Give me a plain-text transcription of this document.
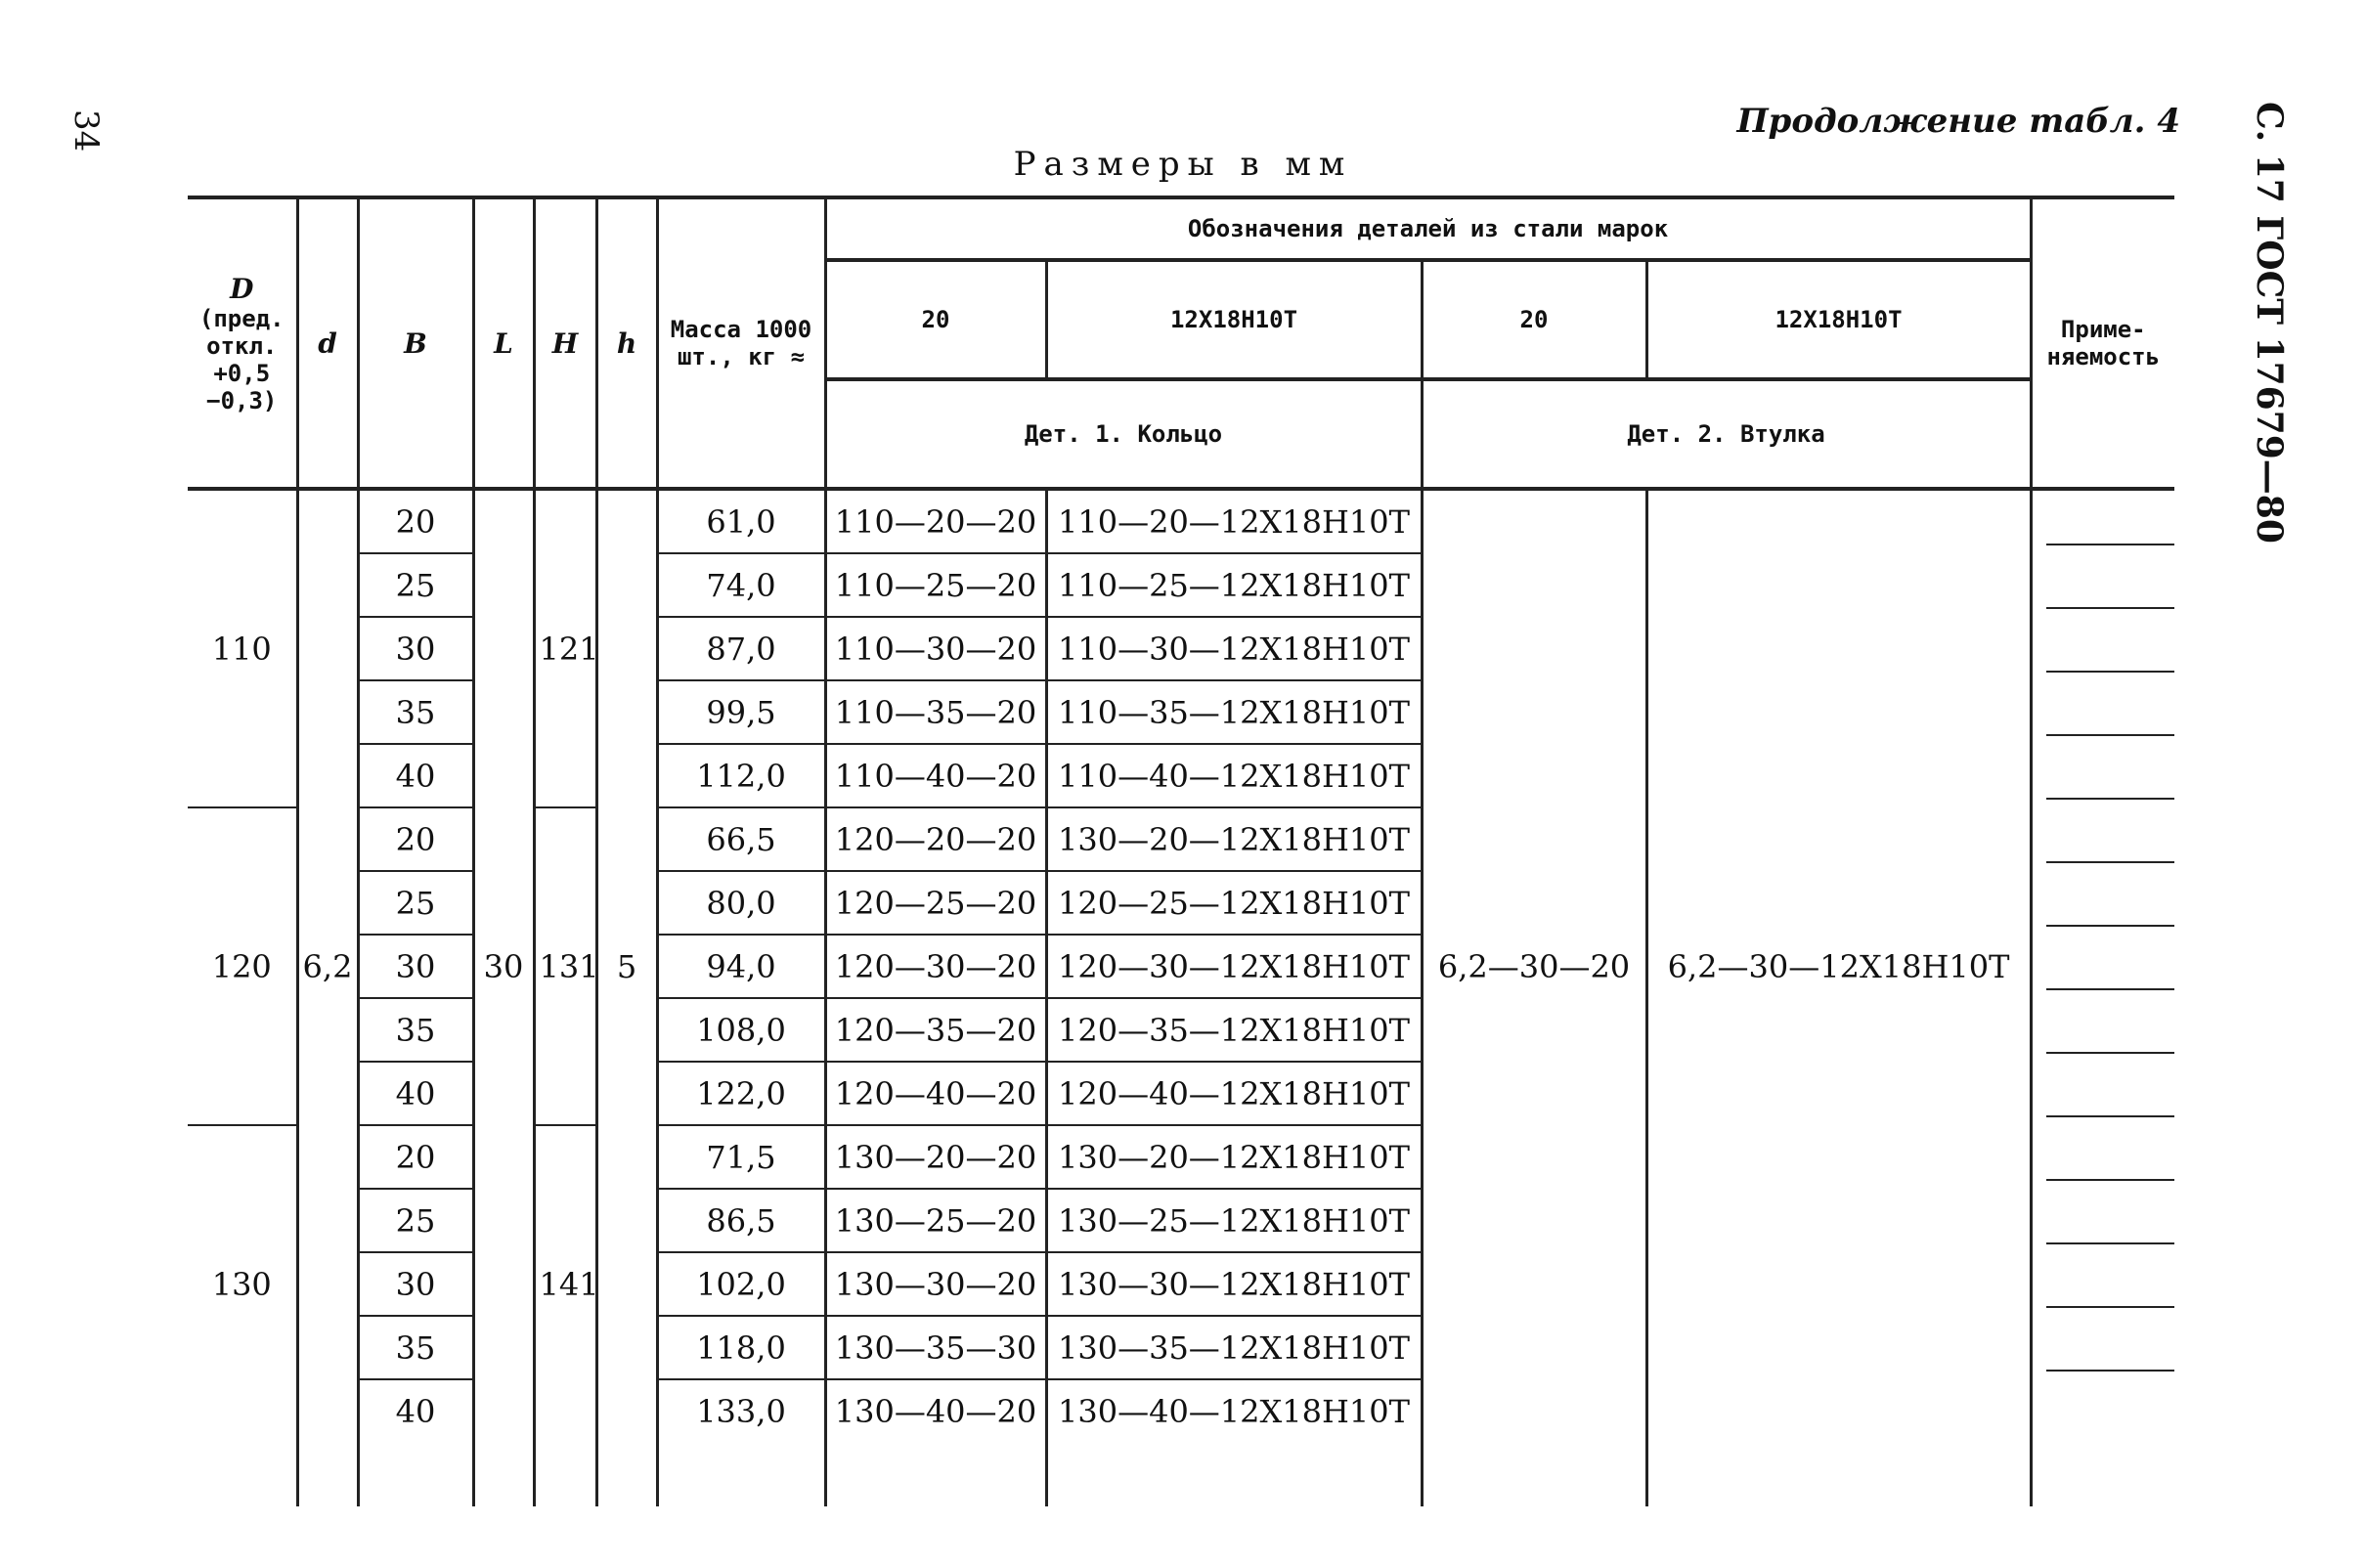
34	Продолжение табл. 4 С. 17 ГОСТ 17679—80
Размеры в мм
D
(пред. откл. +0,5 −0,3)	d	B	L	H	h	Масса 1000 шт., кг ≈	Обозначения деталей из стали марок				Приме-няемость
							20	12Х18Н10Т	20	12Х18Н10Т	
							Дет. 1. Кольцо		Дет. 2. Втулка		
110	6,2	20	30	121	5	61,0	110—20—20	110—20—12Х18Н10Т	6,2—30—20	6,2—30—12Х18Н10Т	
		25				74,0	110—25—20	110—25—12Х18Н10Т			
		30				87,0	110—30—20	110—30—12Х18Н10Т			
		35				99,5	110—35—20	110—35—12Х18Н10Т			
		40				112,0	110—40—20	110—40—12Х18Н10Т			
120		20		131		66,5	120—20—20	130—20—12Х18Н10Т			
		25				80,0	120—25—20	120—25—12Х18Н10Т			
		30				94,0	120—30—20	120—30—12Х18Н10Т			
		35				108,0	120—35—20	120—35—12Х18Н10Т			
		40				122,0	120—40—20	120—40—12Х18Н10Т			
130		20		141		71,5	130—20—20	130—20—12Х18Н10Т			
		25				86,5	130—25—20	130—25—12Х18Н10Т			
		30				102,0	130—30—20	130—30—12Х18Н10Т			
		35				118,0	130—35—30	130—35—12Х18Н10Т			
		40				133,0	130—40—20	130—40—12Х18Н10Т			
